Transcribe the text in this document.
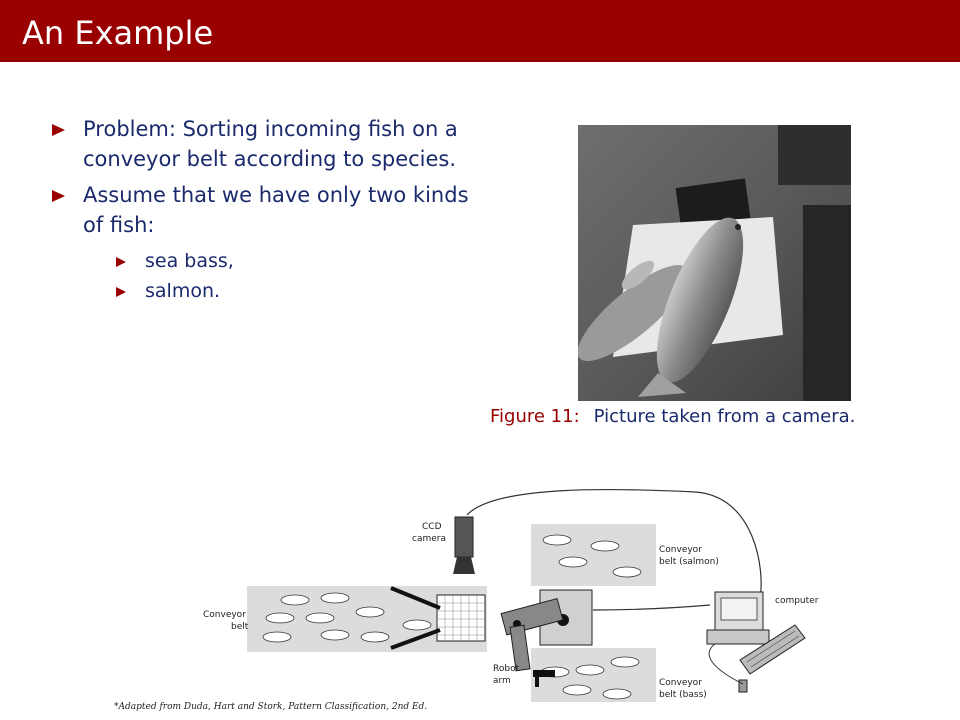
An Example
Problem: Sorting incoming fish on a conveyor belt according to species.
Assume that we have only two kinds of fish:
sea bass,
salmon.
Figure 11: Picture taken from a camera.
CCD
camera
Conveyor
belt
Conveyor
belt (salmon)
computer
Robot
arm	Conveyor
belt (bass)
*Adapted from Duda, Hart and Stork, Pattern Classification, 2nd Ed.
